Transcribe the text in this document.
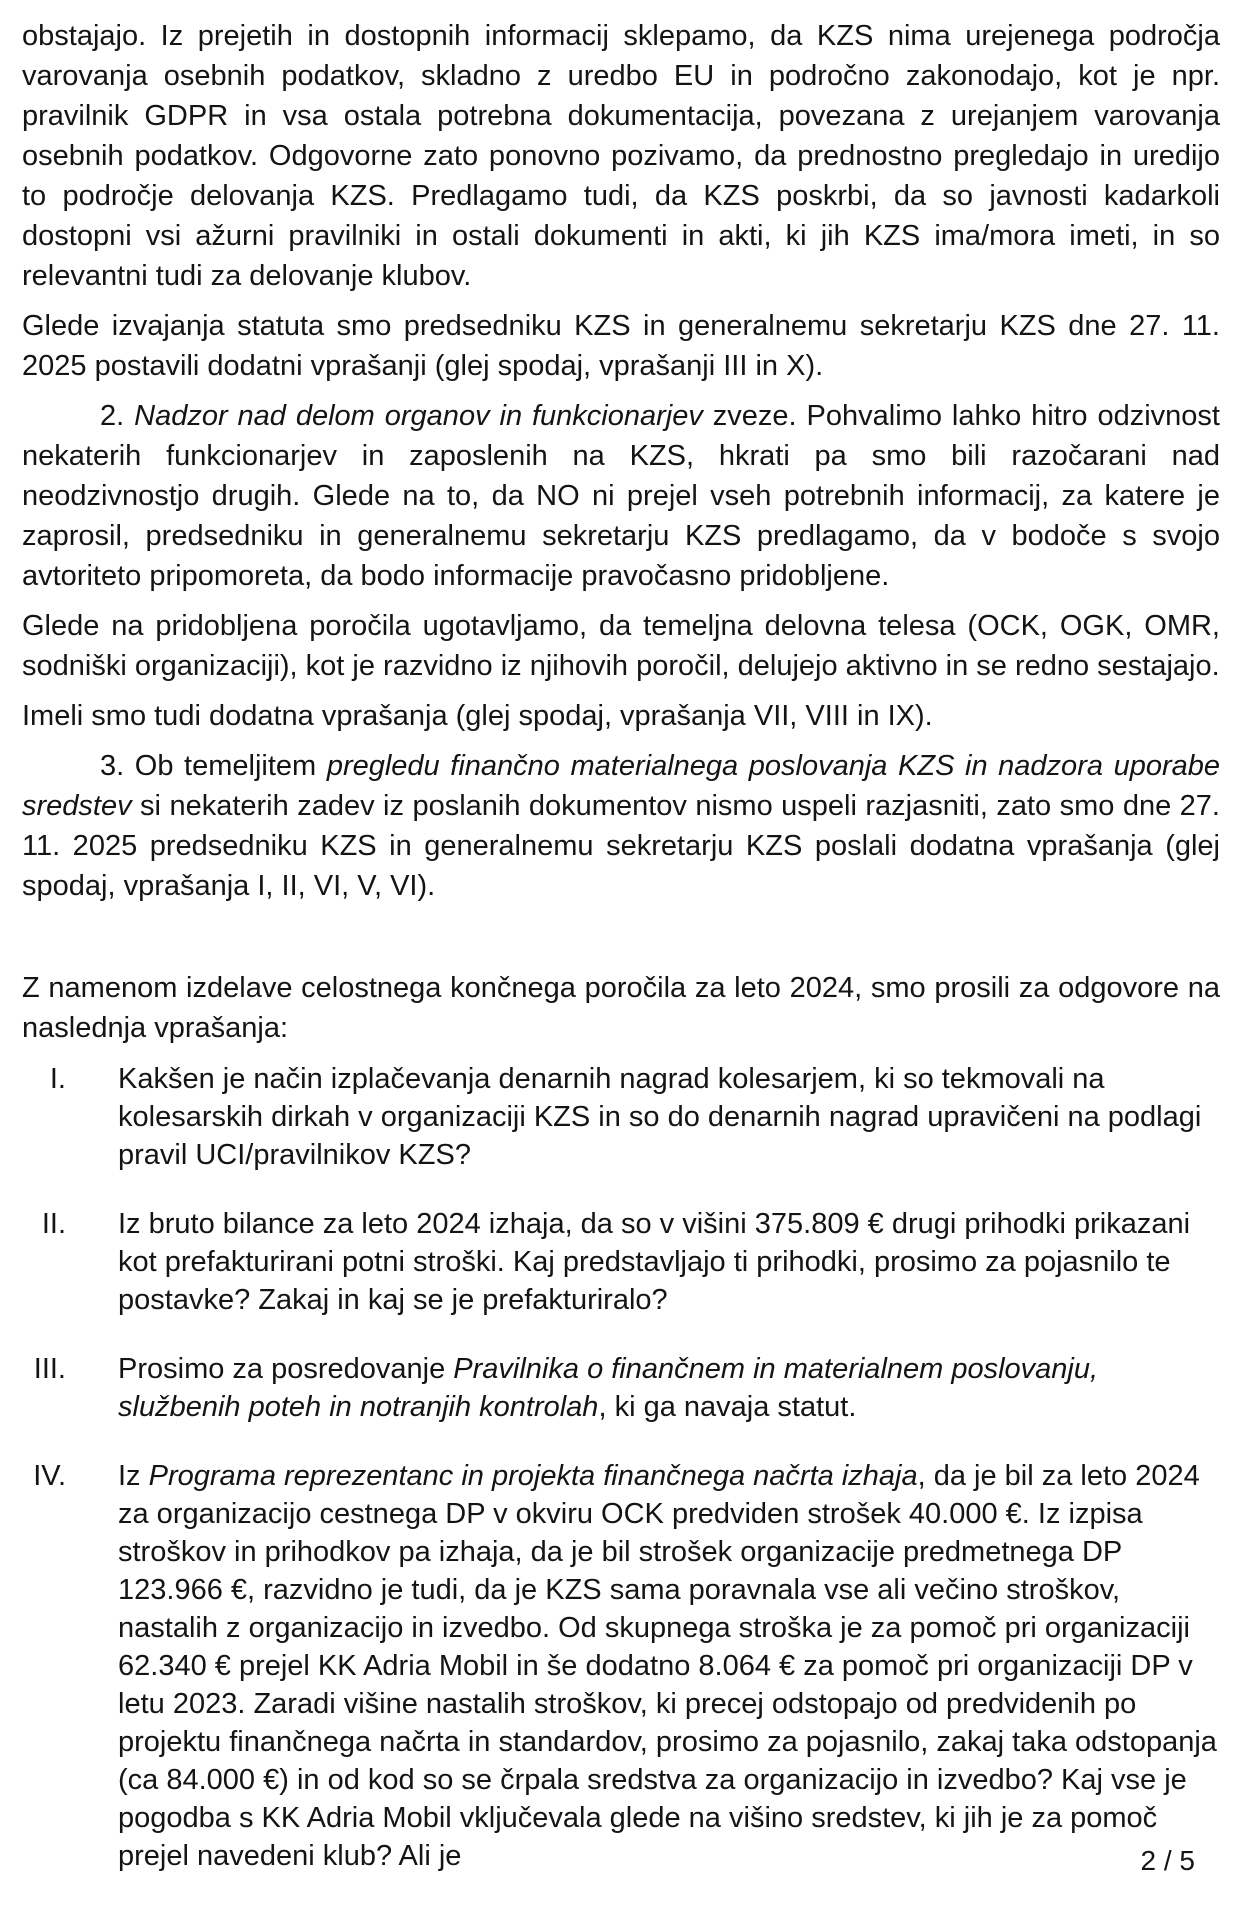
obstajajo. Iz prejetih in dostopnih informacij sklepamo, da KZS nima urejenega področja varovanja osebnih podatkov, skladno z uredbo EU in področno zakonodajo, kot je npr. pravilnik GDPR in vsa ostala potrebna dokumentacija, povezana z urejanjem varovanja osebnih podatkov. Odgovorne zato ponovno pozivamo, da prednostno pregledajo in uredijo to področje delovanja KZS. Predlagamo tudi, da KZS poskrbi, da so javnosti kadarkoli dostopni vsi ažurni pravilniki in ostali dokumenti in akti, ki jih KZS ima/mora imeti, in so relevantni tudi za delovanje klubov.

Glede izvajanja statuta smo predsedniku KZS in generalnemu sekretarju KZS dne 27. 11. 2025 postavili dodatni vprašanji (glej spodaj, vprašanji III in X).

2. Nadzor nad delom organov in funkcionarjev zveze. Pohvalimo lahko hitro odzivnost nekaterih funkcionarjev in zaposlenih na KZS, hkrati pa smo bili razočarani nad neodzivnostjo drugih. Glede na to, da NO ni prejel vseh potrebnih informacij, za katere je zaprosil, predsedniku in generalnemu sekretarju KZS predlagamo, da v bodoče s svojo avtoriteto pripomoreta, da bodo informacije pravočasno pridobljene.

Glede na pridobljena poročila ugotavljamo, da temeljna delovna telesa (OCK, OGK, OMR, sodniški organizaciji), kot je razvidno iz njihovih poročil, delujejo aktivno in se redno sestajajo.

Imeli smo tudi dodatna vprašanja (glej spodaj, vprašanja VII, VIII in IX).

3. Ob temeljitem pregledu finančno materialnega poslovanja KZS in nadzora uporabe sredstev si nekaterih zadev iz poslanih dokumentov nismo uspeli razjasniti, zato smo dne 27. 11. 2025 predsedniku KZS in generalnemu sekretarju KZS poslali dodatna vprašanja (glej spodaj, vprašanja I, II, VI, V, VI).

Z namenom izdelave celostnega končnega poročila za leto 2024, smo prosili za odgovore na naslednja vprašanja:

I.	Kakšen je način izplačevanja denarnih nagrad kolesarjem, ki so tekmovali na kolesarskih dirkah v organizaciji KZS in so do denarnih nagrad upravičeni na podlagi pravil UCI/pravilnikov KZS?
II.	Iz bruto bilance za leto 2024 izhaja, da so v višini 375.809 € drugi prihodki prikazani kot prefakturirani potni stroški. Kaj predstavljajo ti prihodki, prosimo za pojasnilo te postavke? Zakaj in kaj se je prefakturiralo?
III.	Prosimo za posredovanje Pravilnika o finančnem in materialnem poslovanju, službenih poteh in notranjih kontrolah, ki ga navaja statut.
IV.	Iz Programa reprezentanc in projekta finančnega načrta izhaja, da je bil za leto 2024 za organizacijo cestnega DP v okviru OCK predviden strošek 40.000 €. Iz izpisa stroškov in prihodkov pa izhaja, da je bil strošek organizacije predmetnega DP 123.966 €, razvidno je tudi, da je KZS sama poravnala vse ali večino stroškov, nastalih z organizacijo in izvedbo. Od skupnega stroška je za pomoč pri organizaciji 62.340 € prejel KK Adria Mobil in še dodatno 8.064 € za pomoč pri organizaciji DP v letu 2023. Zaradi višine nastalih stroškov, ki precej odstopajo od predvidenih po projektu finančnega načrta in standardov, prosimo za pojasnilo, zakaj taka odstopanja (ca 84.000 €) in od kod so se črpala sredstva za organizacijo in izvedbo? Kaj vse je pogodba s KK Adria Mobil vključevala glede na višino sredstev, ki jih je za pomoč prejel navedeni klub? Ali je	2 / 5
